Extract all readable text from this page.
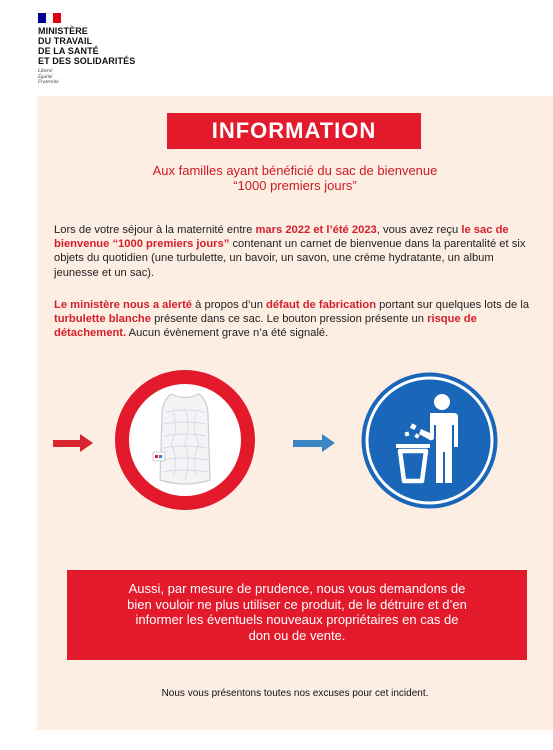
MINISTÈRE
DU TRAVAIL
DE LA SANTÉ
ET DES SOLIDARITÉS
Liberté
Égalité
Fraternité
INFORMATION
Aux familles ayant bénéficié du sac de bienvenue
“1000 premiers jours”

Lors de votre séjour à la maternité entre mars 2022 et l’été 2023, vous avez reçu le sac de bienvenue “1000 premiers jours” contenant un carnet de bienvenue dans la parentalité et six objets du quotidien (une turbulette, un bavoir, un savon, une crème hydratante, un album jeunesse et un sac).

Le ministère nous a alerté à propos d’un défaut de fabrication portant sur quelques lots de la turbulette blanche présente dans ce sac. Le bouton pression présente un risque de détachement. Aucun évènement grave n’a été signalé.

Aussi, par mesure de prudence, nous vous demandons de
bien vouloir ne plus utiliser ce produit, de le détruire et d’en
informer les éventuels nouveaux propriétaires en cas de
don ou de vente.
Nous vous présentons toutes nos excuses pour cet incident.
